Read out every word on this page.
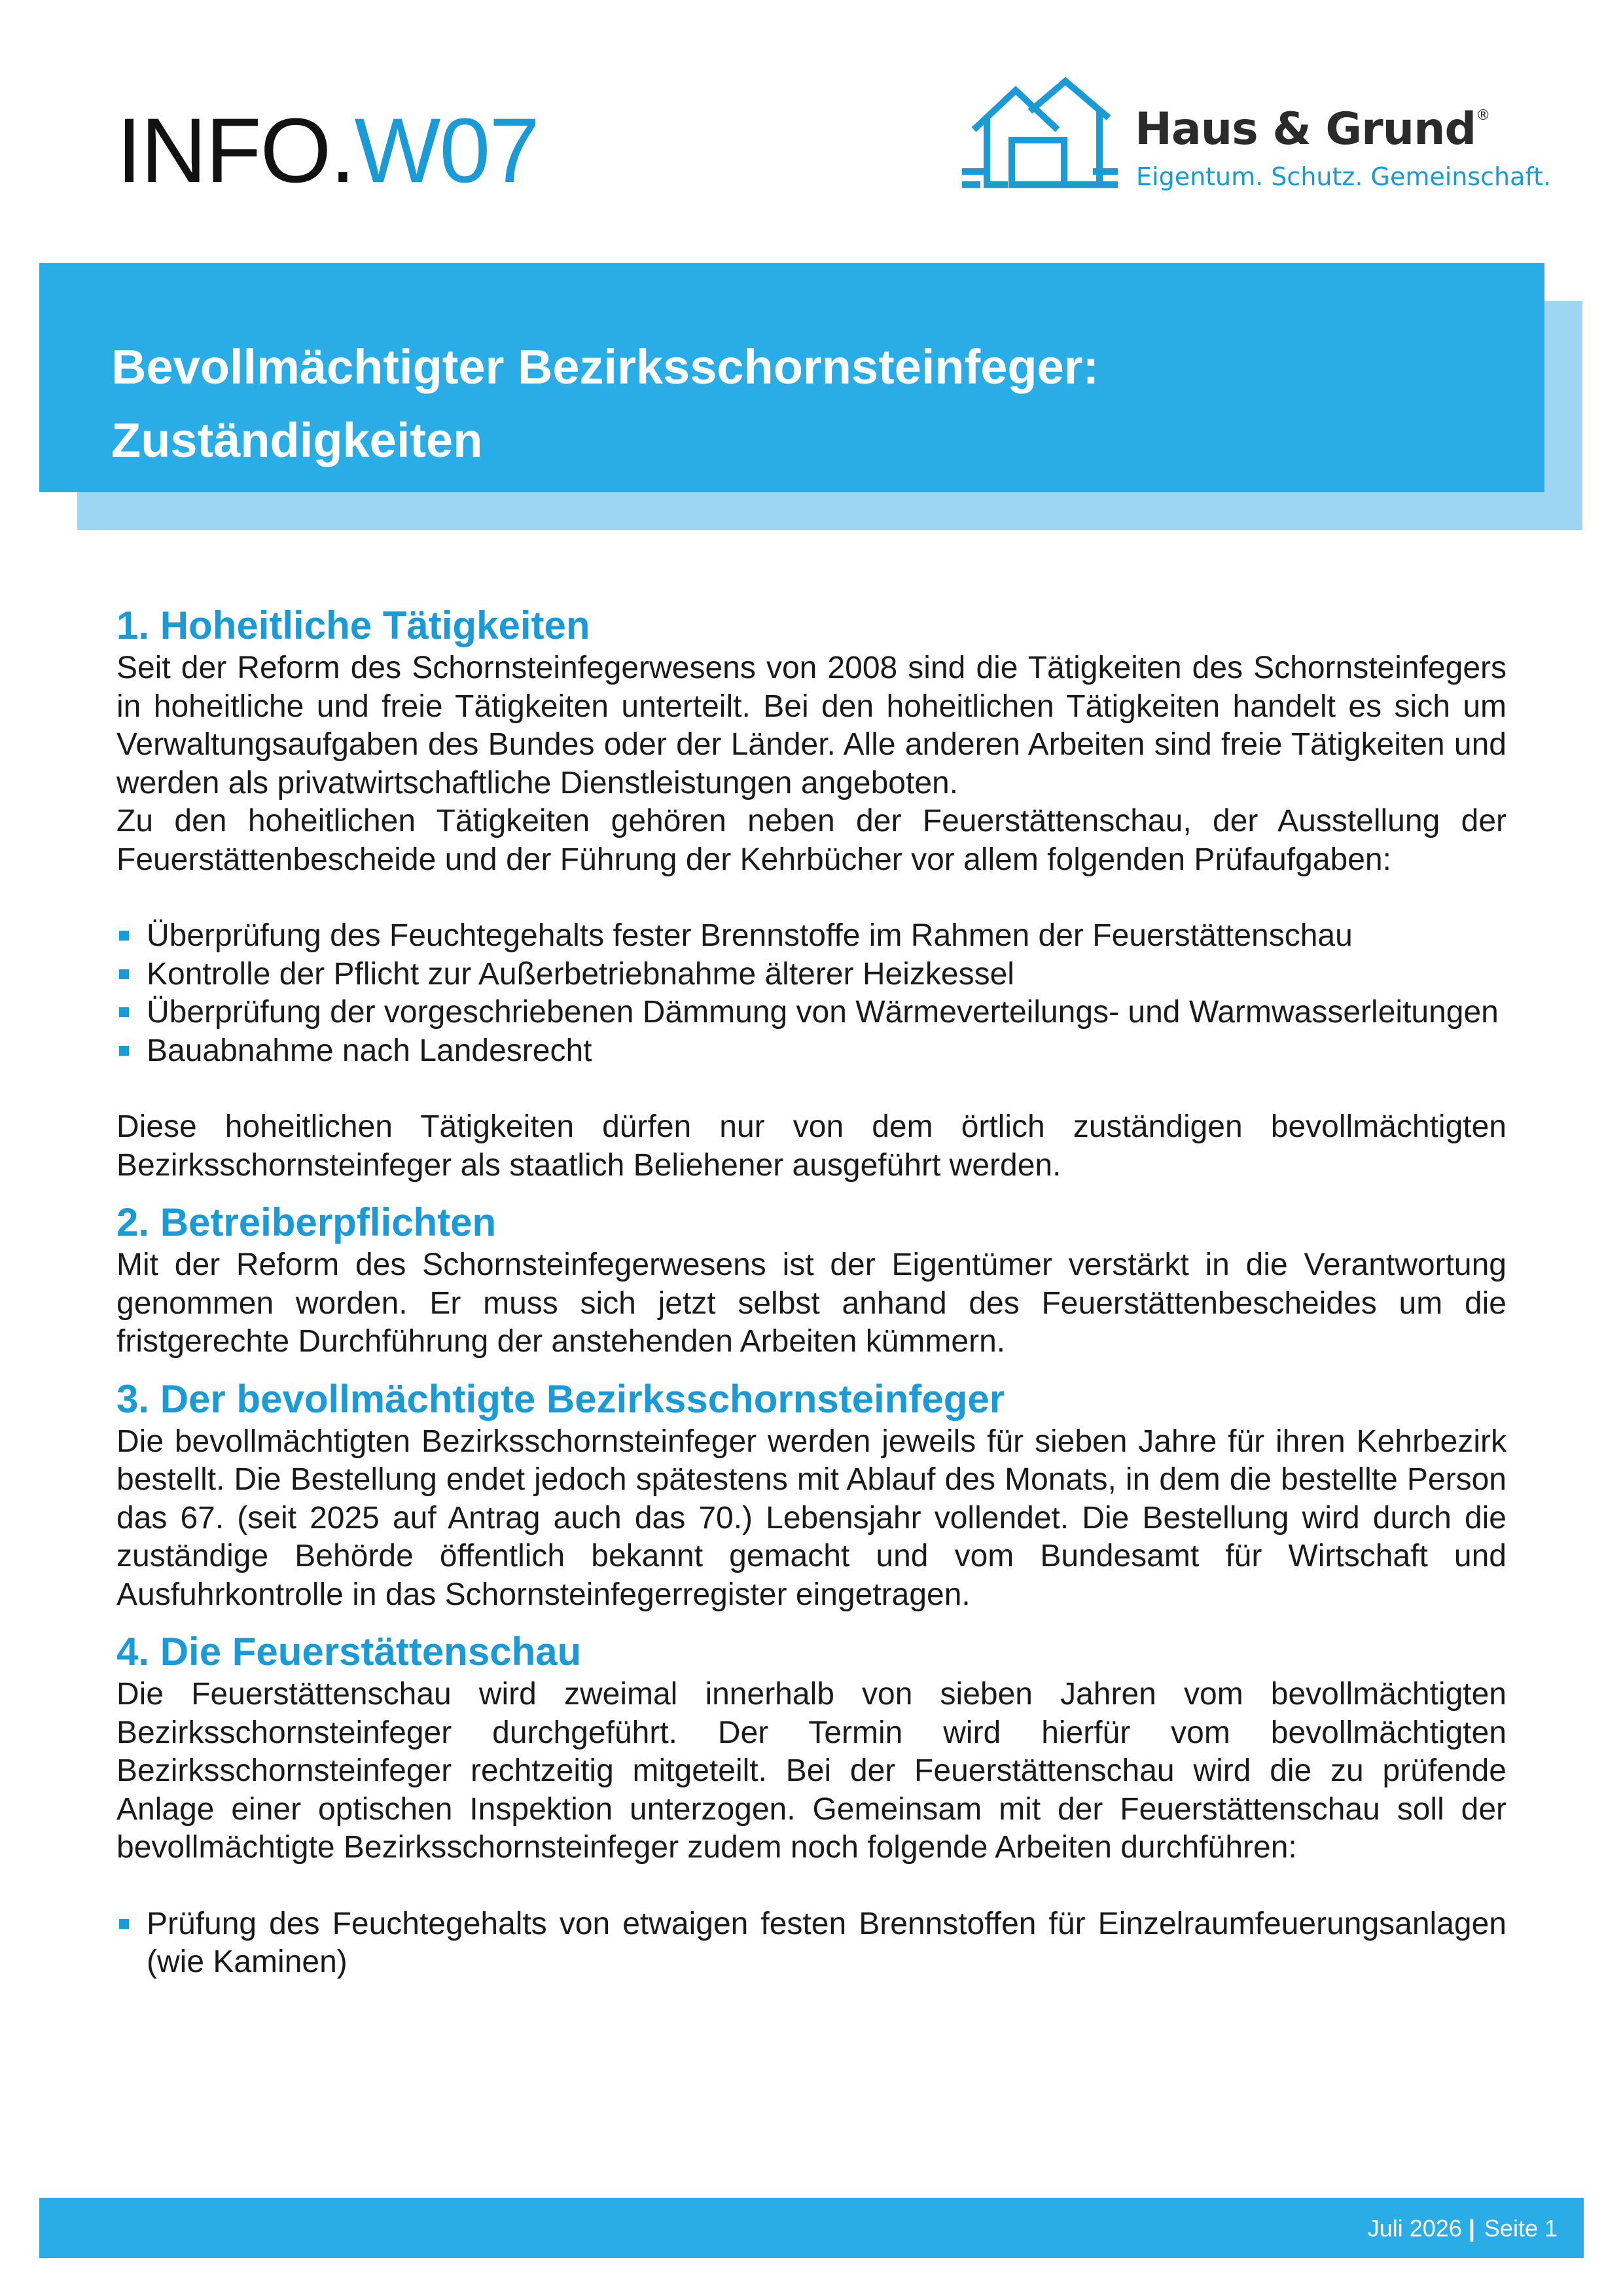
INFO.W07	Haus & Grund®
Eigentum. Schutz. Gemeinschaft.
Bevollmächtigter Bezirksschornsteinfeger:
Zuständigkeiten
1. Hoheitliche Tätigkeiten

Seit der Reform des Schornsteinfegerwesens von 2008 sind die Tätigkeiten des Schornsteinfegers in hoheitliche und freie Tätigkeiten unterteilt. Bei den hoheitlichen Tätigkeiten handelt es sich um Verwaltungsaufgaben des Bundes oder der Länder. Alle anderen Arbeiten sind freie Tätigkeiten und werden als privatwirtschaftliche Dienstleistungen angeboten.

Zu den hoheitlichen Tätigkeiten gehören neben der Feuerstättenschau, der Ausstellung der Feuerstättenbescheide und der Führung der Kehrbücher vor allem folgenden Prüfaufgaben:

Überprüfung des Feuchtegehalts fester Brennstoffe im Rahmen der Feuerstättenschau
Kontrolle der Pflicht zur Außerbetriebnahme älterer Heizkessel
Überprüfung der vorgeschriebenen Dämmung von Wärmeverteilungs- und Warmwasserleitungen
Bauabnahme nach Landesrecht

Diese hoheitlichen Tätigkeiten dürfen nur von dem örtlich zuständigen bevollmächtigten Bezirksschornsteinfeger als staatlich Beliehener ausgeführt werden.

2. Betreiberpflichten

Mit der Reform des Schornsteinfegerwesens ist der Eigentümer verstärkt in die Verantwortung genommen worden. Er muss sich jetzt selbst anhand des Feuerstättenbescheides um die fristgerechte Durchführung der anstehenden Arbeiten kümmern.

3. Der bevollmächtigte Bezirksschornsteinfeger

Die bevollmächtigten Bezirksschornsteinfeger werden jeweils für sieben Jahre für ihren Kehrbezirk bestellt. Die Bestellung endet jedoch spätestens mit Ablauf des Monats, in dem die bestellte Person das 67. (seit 2025 auf Antrag auch das 70.) Lebensjahr vollendet. Die Bestellung wird durch die zuständige Behörde öffentlich bekannt gemacht und vom Bundesamt für Wirtschaft und Ausfuhrkontrolle in das Schornsteinfegerregister eingetragen.

4. Die Feuerstättenschau

Die Feuerstättenschau wird zweimal innerhalb von sieben Jahren vom bevollmächtigten Bezirksschornsteinfeger durchgeführt. Der Termin wird hierfür vom bevollmächtigten Bezirksschornsteinfeger rechtzeitig mitgeteilt. Bei der Feuerstättenschau wird die zu prüfende Anlage einer optischen Inspektion unterzogen. Gemeinsam mit der Feuerstättenschau soll der bevollmächtigte Bezirksschornsteinfeger zudem noch folgende Arbeiten durchführen:

Prüfung des Feuchtegehalts von etwaigen festen Brennstoffen für Einzelraumfeuerungsanlagen (wie Kaminen)
Juli 2026 | Seite 1
